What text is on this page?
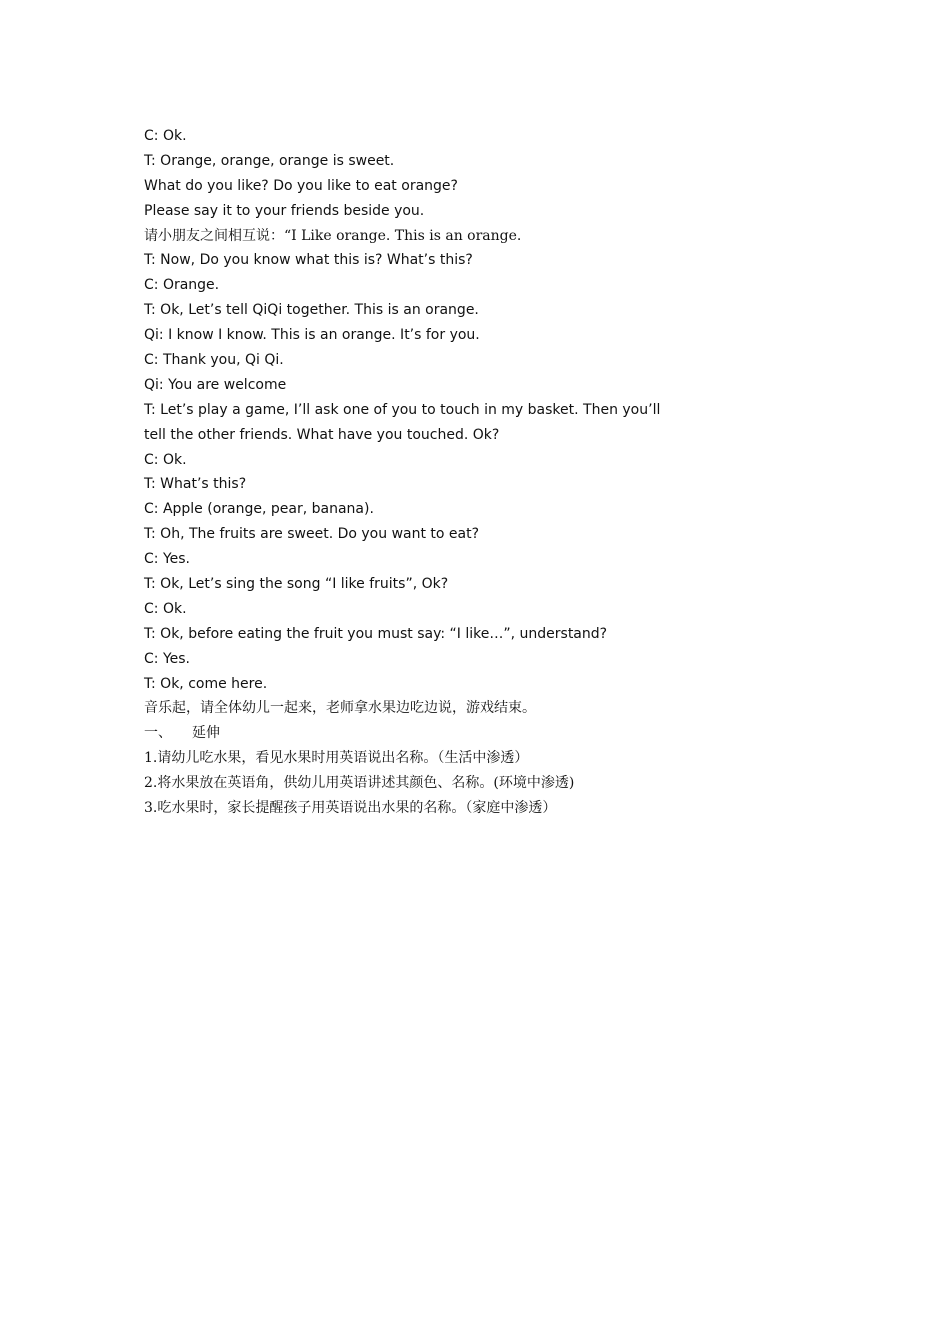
C: Ok.

T: Orange, orange, orange is sweet.

What do you like? Do you like to eat orange?

Please say it to your friends beside you.

请小朋友之间相互说：“I Like orange. This is an orange.

T: Now, Do you know what this is? What’s this?

C: Orange.

T: Ok, Let’s tell QiQi together. This is an orange.

Qi: I know I know. This is an orange. It’s for you.

C: Thank you, Qi Qi.

Qi: You are welcome

T: Let’s play a game, I’ll ask one of you to touch in my basket. Then you’ll

tell the other friends. What have you touched. Ok?

C: Ok.

T: What’s this?

C: Apple (orange, pear, banana).

T: Oh, The fruits are sweet. Do you want to eat?

C: Yes.

T: Ok, Let’s sing the song “I like fruits”, Ok?

C: Ok.

T: Ok, before eating the fruit you must say: “I like…”, understand?

C: Yes.

T: Ok, come here.

音乐起，请全体幼儿一起来，老师拿水果边吃边说，游戏结束。

一、 延伸

1.请幼儿吃水果，看见水果时用英语说出名称。（生活中渗透）

2.将水果放在英语角，供幼儿用英语讲述其颜色、名称。(环境中渗透)

3.吃水果时，家长提醒孩子用英语说出水果的名称。（家庭中渗透）
